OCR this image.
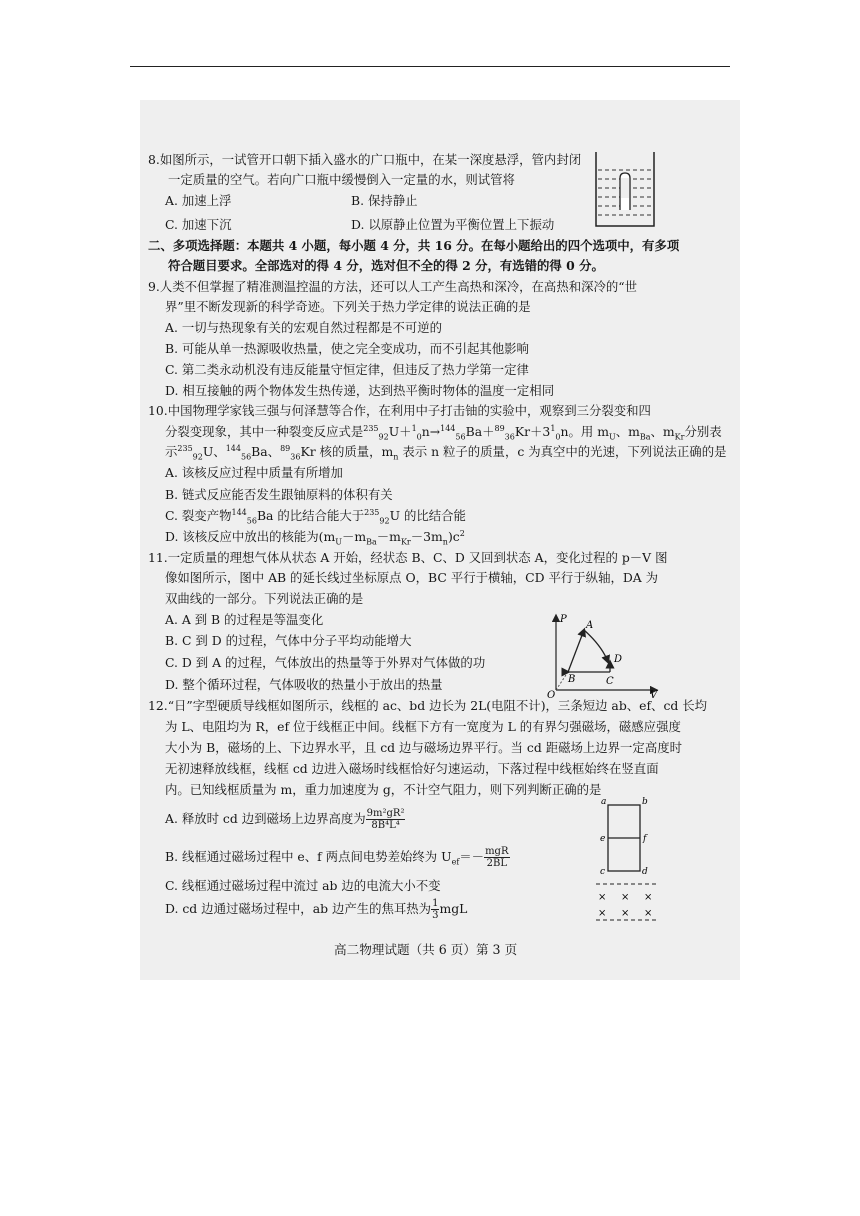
8.如图所示，一试管开口朝下插入盛水的广口瓶中，在某一深度悬浮，管内封闭
一定质量的空气。若向广口瓶中缓慢倒入一定量的水，则试管将
A. 加速上浮	B. 保持静止
C. 加速下沉	D. 以原静止位置为平衡位置上下振动
二、多项选择题：本题共 4 小题，每小题 4 分，共 16 分。在每小题给出的四个选项中，有多项
符合题目要求。全部选对的得 4 分，选对但不全的得 2 分，有选错的得 0 分。
9.人类不但掌握了精准测温控温的方法，还可以人工产生高热和深冷，在高热和深冷的“世
界”里不断发现新的科学奇迹。下列关于热力学定律的说法正确的是
A. 一切与热现象有关的宏观自然过程都是不可逆的
B. 可能从单一热源吸收热量，使之完全变成功，而不引起其他影响
C. 第二类永动机没有违反能量守恒定律，但违反了热力学第一定律
D. 相互接触的两个物体发生热传递，达到热平衡时物体的温度一定相同
10.中国物理学家钱三强与何泽慧等合作，在利用中子打击铀的实验中，观察到三分裂变和四
分裂变现象，其中一种裂变反应式是$^{235}_{92}U+^1_0n\to^{144}_{56}Ba+^{89}_{36}Kr+3^1_0n$。用 $m_U$、$m_{Ba}$、$m_{Kr}$分别表
示$^{235}_{92}$U、$^{144}_{56}$Ba、$^{89}_{36}$Kr 核的质量，$m_n$ 表示 n 粒子的质量，c 为真空中的光速，下列说法正确的是
A. 该核反应过程中质量有所增加
B. 链式反应能否发生跟铀原料的体积有关
C. 裂变产物$^{144}_{56}$Ba 的比结合能大于$^{235}_{92}$U 的比结合能
D. 该核反应中放出的核能为$(m_U-m_{Ba}-m_{Kr}-3m_n)c^2$
11.一定质量的理想气体从状态 A 开始，经状态 B、C、D 又回到状态 A，变化过程的 p－V 图
像如图所示，图中 AB 的延长线过坐标原点 O，BC 平行于横轴，CD 平行于纵轴，DA 为
双曲线的一部分。下列说法正确的是
A. A 到 B 的过程是等温变化
B. C 到 D 的过程，气体中分子平均动能增大
C. D 到 A 的过程，气体放出的热量等于外界对气体做的功
D. 整个循环过程，气体吸收的热量小于放出的热量
P
V
O
A
B	C
D
12.“日”字型硬质导线框如图所示，线框的 ac、bd 边长为 2L(电阻不计)，三条短边 ab、ef、cd 长均
为 L、电阻均为 R，ef 位于线框正中间。线框下方有一宽度为 L 的有界匀强磁场，磁感应强度
大小为 B，磁场的上、下边界水平，且 cd 边与磁场边界平行。当 cd 距磁场上边界一定高度时
无初速释放线框，线框 cd 边进入磁场时线框恰好匀速运动，下落过程中线框始终在竖直面
内。已知线框质量为 m，重力加速度为 g，不计空气阻力，则下列判断正确的是
A. 释放时 cd 边到磁场上边界高度为 $\frac{\text{9m²gR²}}{\text{8B⁴L⁴}}$
B. 线框通过磁场过程中 e、f 两点间电势差始终为 $U_{ef}=- \frac{\text{mgR}}{2BL}$
C. 线框通过磁场过程中流过 ab 边的电流大小不变
D. cd 边通过磁场过程中，ab 边产生的焦耳热为 $\frac{1}{3}$ mgL
a	b
e	f
c	d
× × ×
× × ×
高二物理试题（共 6 页）第 3 页
